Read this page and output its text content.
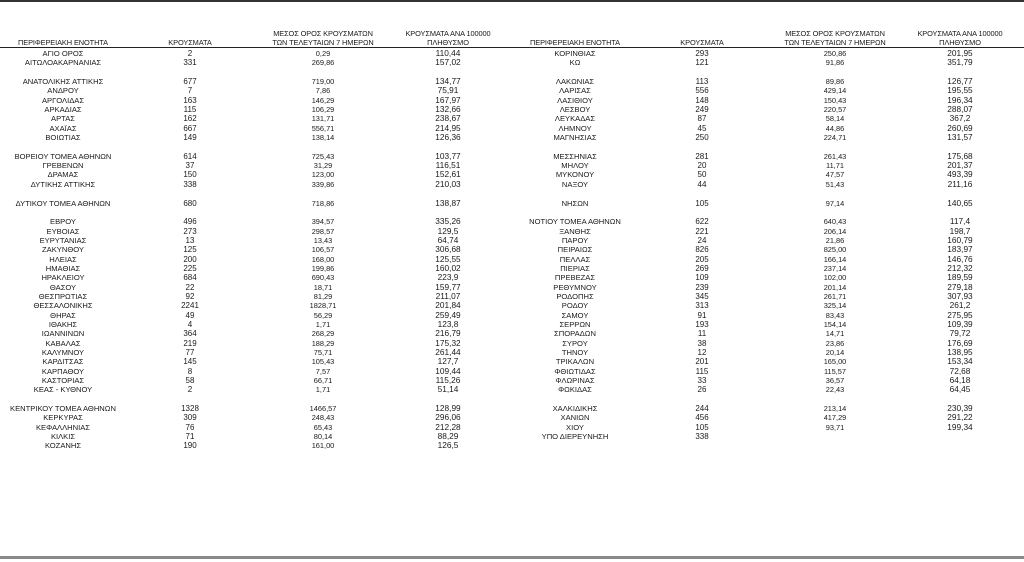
ΠΕΡΙΦΕΡΕΙΑΚΗ ΕΝΟΤΗΤΑ	ΚΡΟΥΣΜΑΤΑ
ΜΕΣΟΣ ΟΡΟΣ ΚΡΟΥΣΜΑΤΩΝ
ΤΩΝ ΤΕΛΕΥΤΑΙΩΝ 7 ΗΜΕΡΩΝ
ΚΡΟΥΣΜΑΤΑ ΑΝΑ 100000
ΠΛΗΘΥΣΜΟ
ΑΓΙΟ ΟΡΟΣ	2	0,29	110,44
ΑΙΤΩΛΟΑΚΑΡΝΑΝΙΑΣ	331	269,86	157,02
ΑΝΑΤΟΛΙΚΗΣ ΑΤΤΙΚΗΣ	677	719,00	134,77
ΑΝΔΡΟΥ	7	7,86	75,91
ΑΡΓΟΛΙΔΑΣ	163	146,29	167,97
ΑΡΚΑΔΙΑΣ	115	106,29	132,66
ΑΡΤΑΣ	162	131,71	238,67
ΑΧΑΪΑΣ	667	556,71	214,95
ΒΟΙΩΤΙΑΣ	149	138,14	126,36
ΒΟΡΕΙΟΥ ΤΟΜΕΑ ΑΘΗΝΩΝ	614	725,43	103,77
ΓΡΕΒΕΝΩΝ	37	31,29	116,51
ΔΡΑΜΑΣ	150	123,00	152,61
ΔΥΤΙΚΗΣ ΑΤΤΙΚΗΣ	338	339,86	210,03
ΔΥΤΙΚΟΥ ΤΟΜΕΑ ΑΘΗΝΩΝ	680	718,86	138,87
ΕΒΡΟΥ	496	394,57	335,26
ΕΥΒΟΙΑΣ	273	298,57	129,5
ΕΥΡΥΤΑΝΙΑΣ	13	13,43	64,74
ΖΑΚΥΝΘΟΥ	125	106,57	306,68
ΗΛΕΙΑΣ	200	168,00	125,55
ΗΜΑΘΙΑΣ	225	199,86	160,02
ΗΡΑΚΛΕΙΟΥ	684	690,43	223,9
ΘΑΣΟΥ	22	18,71	159,77
ΘΕΣΠΡΩΤΙΑΣ	92	81,29	211,07
ΘΕΣΣΑΛΟΝΙΚΗΣ	2241	1828,71	201,84
ΘΗΡΑΣ	49	56,29	259,49
ΙΘΑΚΗΣ	4	1,71	123,8
ΙΩΑΝΝΙΝΩΝ	364	268,29	216,79
ΚΑΒΑΛΑΣ	219	188,29	175,32
ΚΑΛΥΜΝΟΥ	77	75,71	261,44
ΚΑΡΔΙΤΣΑΣ	145	105,43	127,7
ΚΑΡΠΑΘΟΥ	8	7,57	109,44
ΚΑΣΤΟΡΙΑΣ	58	66,71	115,26
ΚΕΑΣ - ΚΥΘΝΟΥ	2	1,71	51,14
ΚΕΝΤΡΙΚΟΥ ΤΟΜΕΑ ΑΘΗΝΩΝ	1328	1466,57	128,99
ΚΕΡΚΥΡΑΣ	309	248,43	296,06
ΚΕΦΑΛΛΗΝΙΑΣ	76	65,43	212,28
ΚΙΛΚΙΣ	71	80,14	88,29
ΚΟΖΑΝΗΣ	190	161,00	126,5
ΠΕΡΙΦΕΡΕΙΑΚΗ ΕΝΟΤΗΤΑ	ΚΡΟΥΣΜΑΤΑ
ΜΕΣΟΣ ΟΡΟΣ ΚΡΟΥΣΜΑΤΩΝ
ΤΩΝ ΤΕΛΕΥΤΑΙΩΝ 7 ΗΜΕΡΩΝ
ΚΡΟΥΣΜΑΤΑ ΑΝΑ 100000
ΠΛΗΘΥΣΜΟ
ΚΟΡΙΝΘΙΑΣ	293	250,86	201,95
ΚΩ	121	91,86	351,79
ΛΑΚΩΝΙΑΣ	113	89,86	126,77
ΛΑΡΙΣΑΣ	556	429,14	195,55
ΛΑΣΙΘΙΟΥ	148	150,43	196,34
ΛΕΣΒΟΥ	249	220,57	288,07
ΛΕΥΚΑΔΑΣ	87	58,14	367,2
ΛΗΜΝΟΥ	45	44,86	260,69
ΜΑΓΝΗΣΙΑΣ	250	224,71	131,57
ΜΕΣΣΗΝΙΑΣ	281	261,43	175,68
ΜΗΛΟΥ	20	11,71	201,37
ΜΥΚΟΝΟΥ	50	47,57	493,39
ΝΑΞΟΥ	44	51,43	211,16
ΝΗΣΩΝ	105	97,14	140,65
ΝΟΤΙΟΥ ΤΟΜΕΑ ΑΘΗΝΩΝ	622	640,43	117,4
ΞΑΝΘΗΣ	221	206,14	198,7
ΠΑΡΟΥ	24	21,86	160,79
ΠΕΙΡΑΙΩΣ	826	825,00	183,97
ΠΕΛΛΑΣ	205	166,14	146,76
ΠΙΕΡΙΑΣ	269	237,14	212,32
ΠΡΕΒΕΖΑΣ	109	102,00	189,59
ΡΕΘΥΜΝΟΥ	239	201,14	279,18
ΡΟΔΟΠΗΣ	345	261,71	307,93
ΡΟΔΟΥ	313	325,14	261,2
ΣΑΜΟΥ	91	83,43	275,95
ΣΕΡΡΩΝ	193	154,14	109,39
ΣΠΟΡΑΔΩΝ	11	14,71	79,72
ΣΥΡΟΥ	38	23,86	176,69
ΤΗΝΟΥ	12	20,14	138,95
ΤΡΙΚΑΛΩΝ	201	165,00	153,34
ΦΘΙΩΤΙΔΑΣ	115	115,57	72,68
ΦΛΩΡΙΝΑΣ	33	36,57	64,18
ΦΩΚΙΔΑΣ	26	22,43	64,45
ΧΑΛΚΙΔΙΚΗΣ	244	213,14	230,39
ΧΑΝΙΩΝ	456	417,29	291,22
ΧΙΟΥ	105	93,71	199,34
ΥΠΟ ΔΙΕΡΕΥΝΗΣΗ	338
